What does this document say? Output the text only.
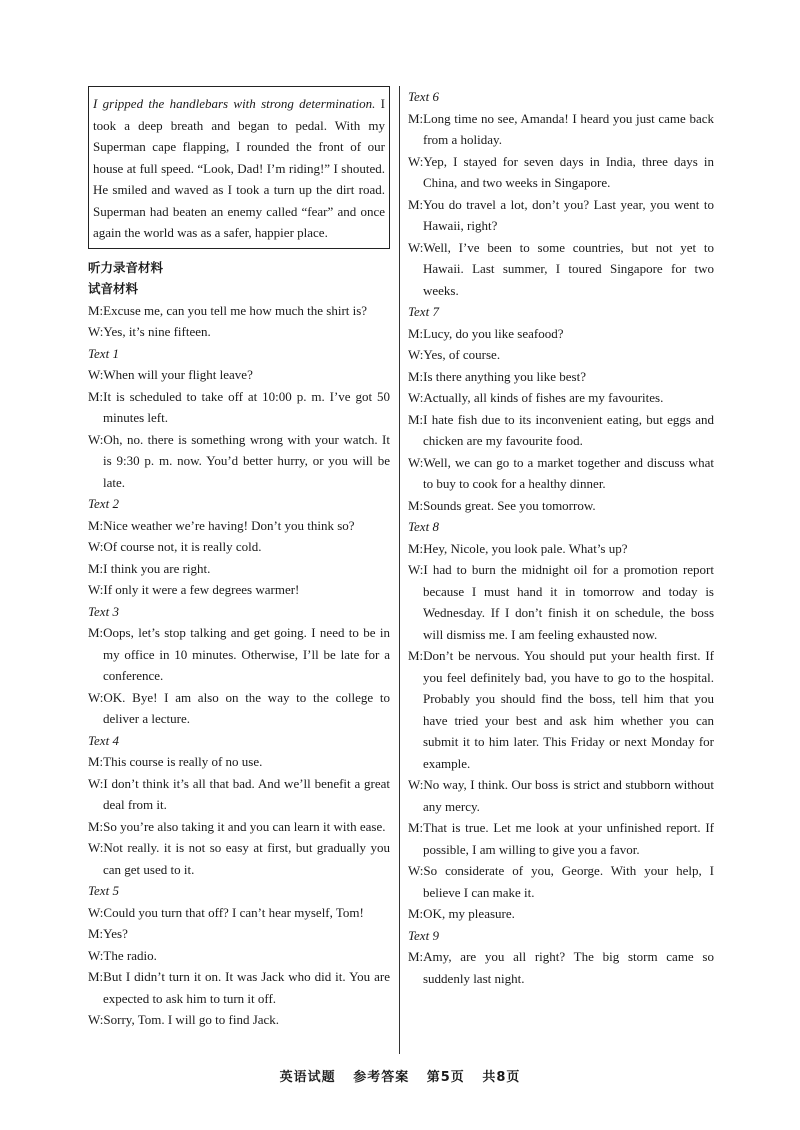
I gripped the handlebars with strong determination. I took a deep breath and began to pedal. With my Superman cape flapping, I rounded the front of our house at full speed. “Look, Dad! I’m riding!” I shouted. He smiled and waved as I took a turn up the dirt road. Superman had beaten an enemy called “fear” and once again the world was as a safer, happier place.

听力录音材料

试音材料

M:Excuse me, can you tell me how much the shirt is?

W:Yes, it’s nine fifteen.

Text 1

W:When will your flight leave?

M:It is scheduled to take off at 10:00 p. m. I’ve got 50 minutes left.

W:Oh, no. there is something wrong with your watch. It is 9:30 p. m. now. You’d better hurry, or you will be late.

Text 2

M:Nice weather we’re having! Don’t you think so?

W:Of course not, it is really cold.

M:I think you are right.

W:If only it were a few degrees warmer!

Text 3

M:Oops, let’s stop talking and get going. I need to be in my office in 10 minutes. Otherwise, I’ll be late for a conference.

W:OK. Bye! I am also on the way to the college to deliver a lecture.

Text 4

M:This course is really of no use.

W:I don’t think it’s all that bad. And we’ll benefit a great deal from it.

M:So you’re also taking it and you can learn it with ease.

W:Not really. it is not so easy at first, but gradually you can get used to it.

Text 5

W:Could you turn that off? I can’t hear myself, Tom!

M:Yes?

W:The radio.

M:But I didn’t turn it on. It was Jack who did it. You are expected to ask him to turn it off.

W:Sorry, Tom. I will go to find Jack.

Text 6

M:Long time no see, Amanda! I heard you just came back from a holiday.

W:Yep, I stayed for seven days in India, three days in China, and two weeks in Singapore.

M:You do travel a lot, don’t you? Last year, you went to Hawaii, right?

W:Well, I’ve been to some countries, but not yet to Hawaii. Last summer, I toured Singapore for two weeks.

Text 7

M:Lucy, do you like seafood?

W:Yes, of course.

M:Is there anything you like best?

W:Actually, all kinds of fishes are my favourites.

M:I hate fish due to its inconvenient eating, but eggs and chicken are my favourite food.

W:Well, we can go to a market together and discuss what to buy to cook for a healthy dinner.

M:Sounds great. See you tomorrow.

Text 8

M:Hey, Nicole, you look pale. What’s up?

W:I had to burn the midnight oil for a promotion report because I must hand it in tomorrow and today is Wednesday. If I don’t finish it on schedule, the boss will dismiss me. I am feeling exhausted now.

M:Don’t be nervous. You should put your health first. If you feel definitely bad, you have to go to the hospital. Probably you should find the boss, tell him that you have tried your best and ask him whether you can submit it to him later. This Friday or next Monday for example.

W:No way, I think. Our boss is strict and stubborn without any mercy.

M:That is true. Let me look at your unfinished report. If possible, I am willing to give you a favor.

W:So considerate of you, George. With your help, I believe I can make it.

M:OK, my pleasure.

Text 9

M:Amy, are you all right? The big storm came so suddenly last night.

英语试题 参考答案 第5页 共8页
